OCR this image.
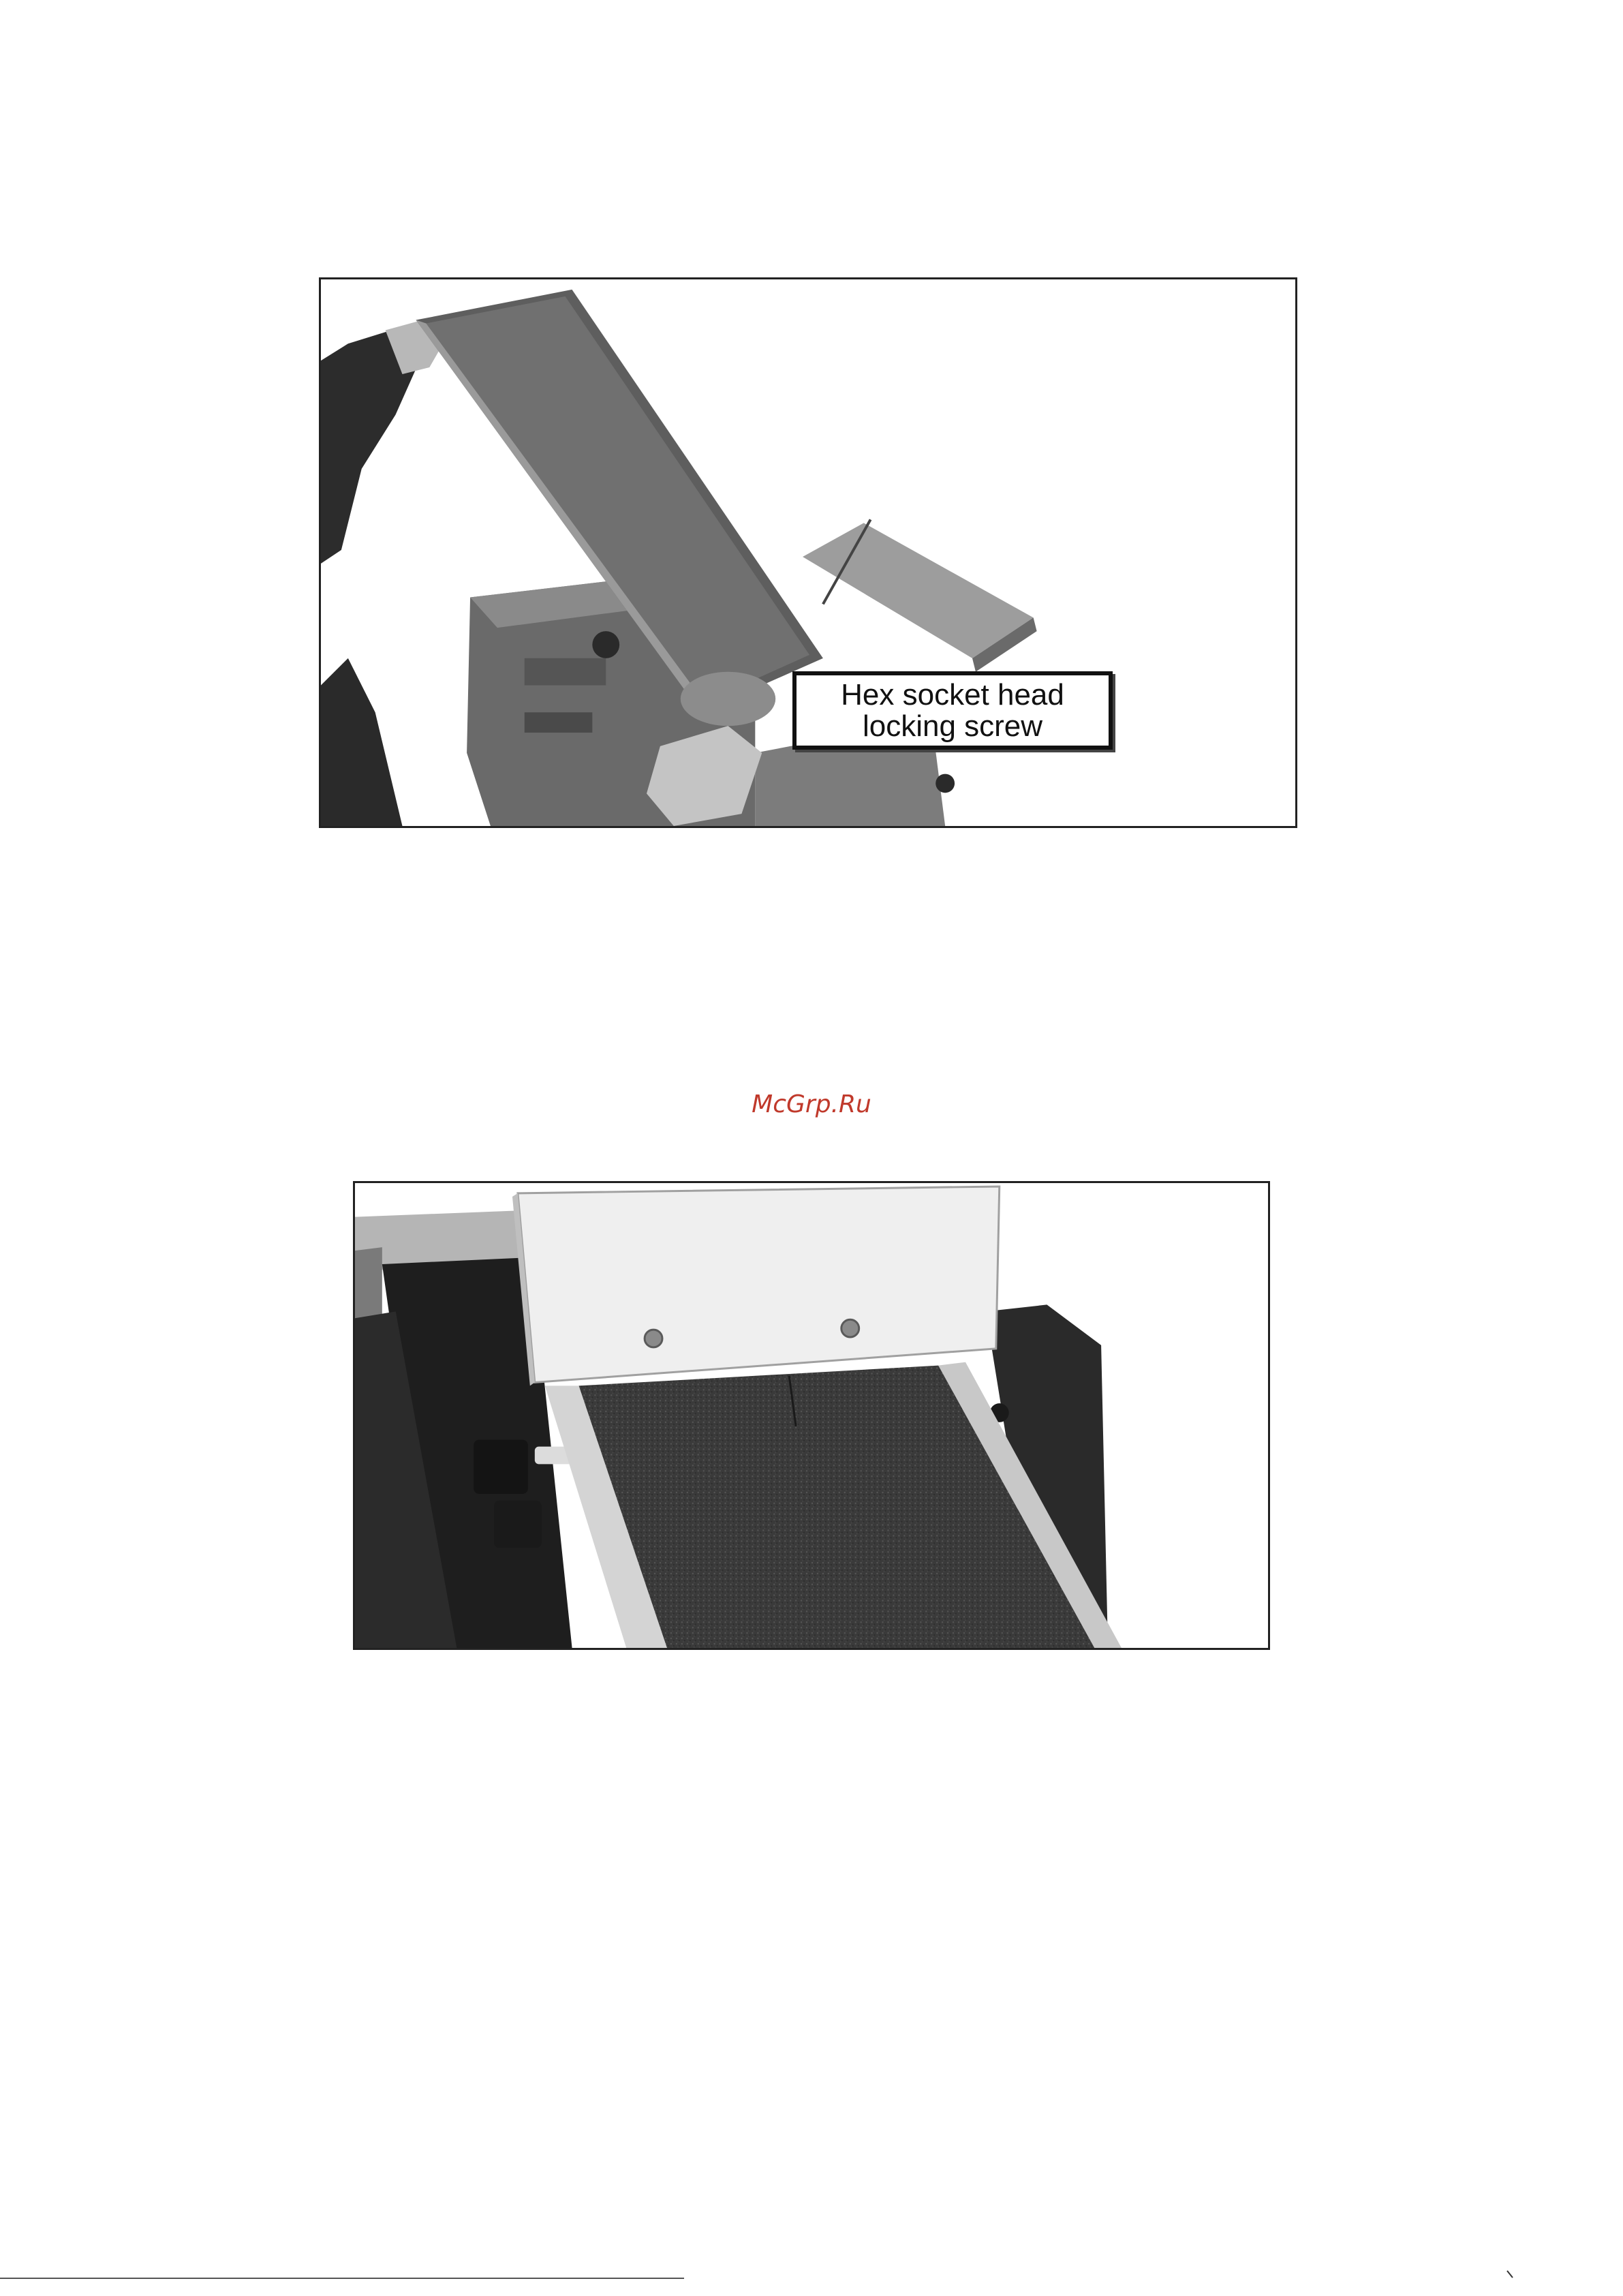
Hex socket head
locking screw
McGrp.Ru
